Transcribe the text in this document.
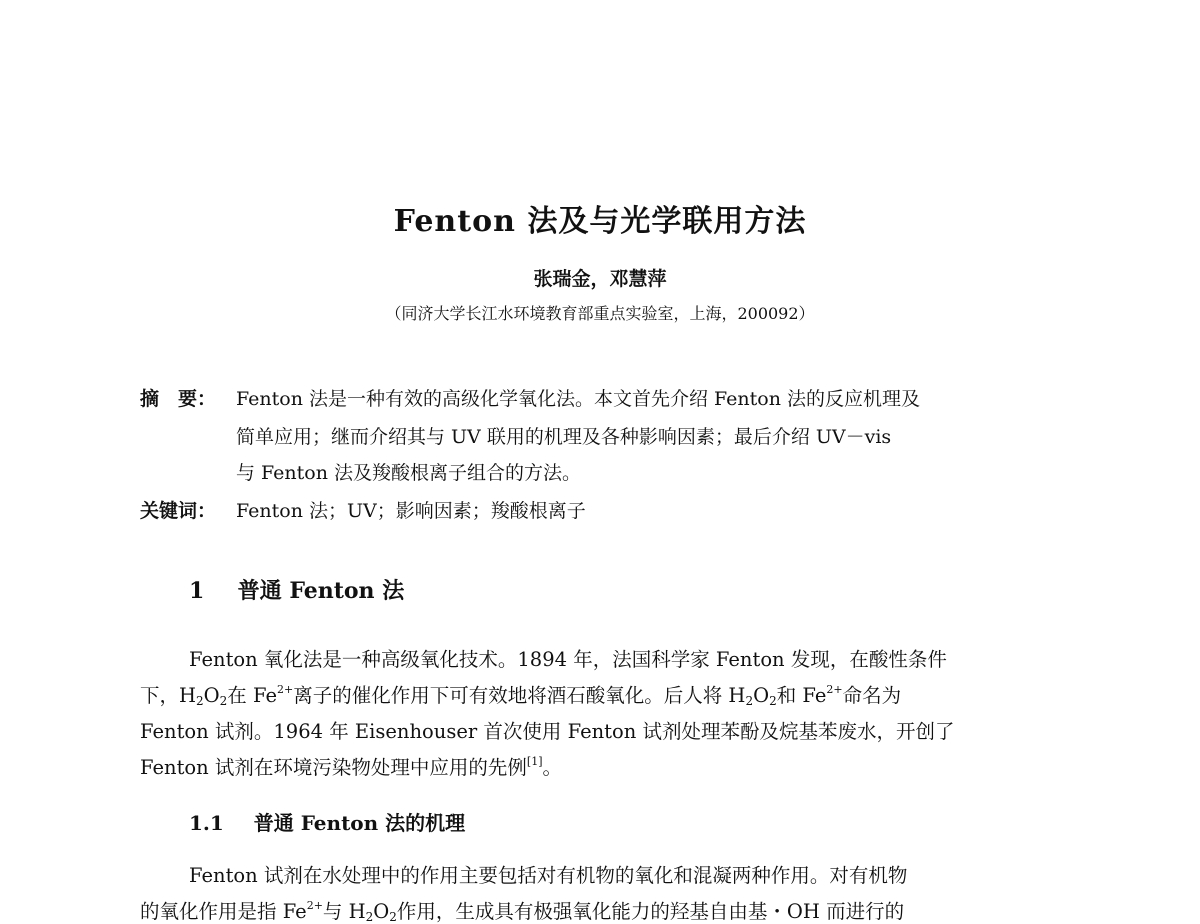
Fenton 法及与光学联用方法
张瑞金，邓慧萍
（同济大学长江水环境教育部重点实验室，上海，200092）
摘　要： Fenton 法是一种有效的高级化学氧化法。本文首先介绍 Fenton 法的反应机理及
简单应用；继而介绍其与 UV 联用的机理及各种影响因素；最后介绍 UV－vis
与 Fenton 法及羧酸根离子组合的方法。
关键词： Fenton 法；UV；影响因素；羧酸根离子
1 普通 Fenton 法
Fenton 氧化法是一种高级氧化技术。1894 年，法国科学家 Fenton 发现，在酸性条件
下，$H_2O_2$在 $Fe^{2+}$离子的催化作用下可有效地将酒石酸氧化。后人将 $H_2O_2$和 $Fe^{2+}$命名为
Fenton 试剂。1964 年 Eisenhouser 首次使用 Fenton 试剂处理苯酚及烷基苯废水，开创了
Fenton 试剂在环境污染物处理中应用的先例[1]。
1.1 普通 Fenton 法的机理
Fenton 试剂在水处理中的作用主要包括对有机物的氧化和混凝两种作用。对有机物
的氧化作用是指 $Fe^{2+}$与 $H_2O_2$作用，生成具有极强氧化能力的羟基自由基・OH 而进行的
